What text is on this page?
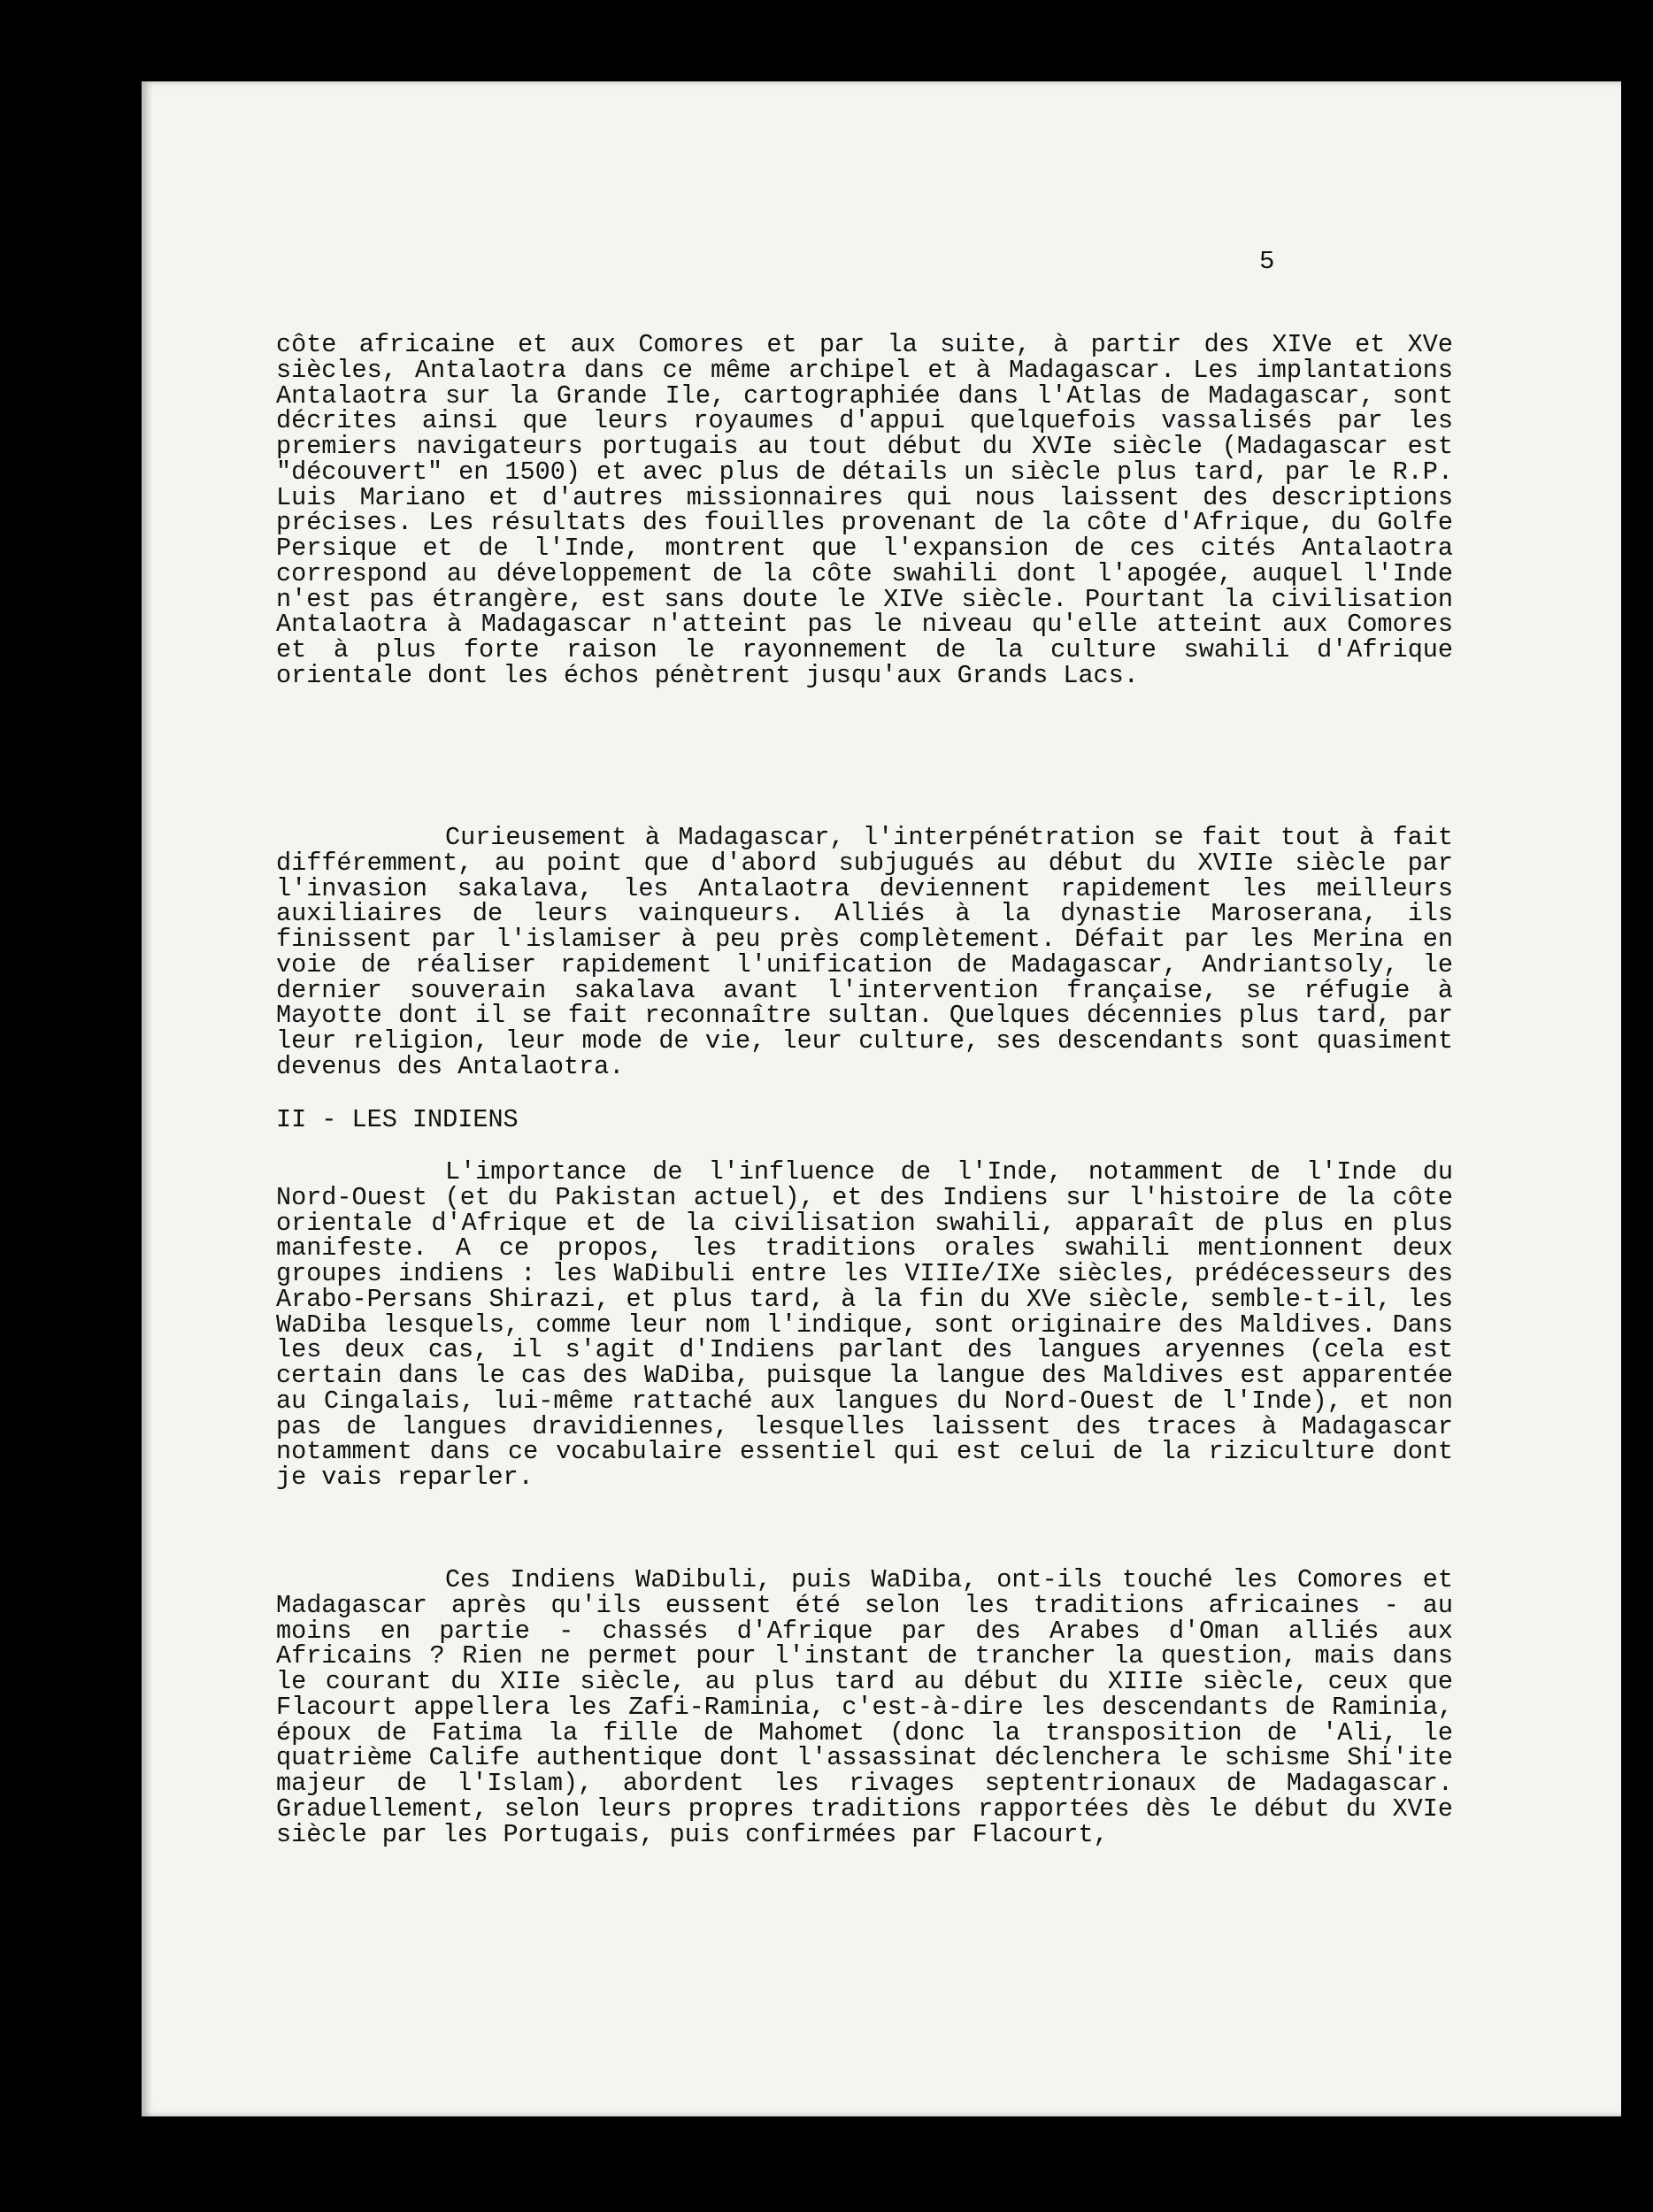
5

côte africaine et aux Comores et par la suite, à partir des XIVe et XVe siècles, Antalaotra dans ce même archipel et à Madagascar. Les implantations Antalaotra sur la Grande Ile, cartographiée dans l'Atlas de Madagascar, sont décrites ainsi que leurs royaumes d'appui quelquefois vassalisés par les premiers navigateurs portugais au tout début du XVIe siècle (Madagascar est "découvert" en 1500) et avec plus de détails un siècle plus tard, par le R.P. Luis Mariano et d'autres missionnaires qui nous laissent des descriptions précises. Les résultats des fouilles provenant de la côte d'Afrique, du Golfe Persique et de l'Inde, montrent que l'expansion de ces cités Antalaotra correspond au développement de la côte swahili dont l'apogée, auquel l'Inde n'est pas étrangère, est sans doute le XIVe siècle. Pourtant la civilisation Antalaotra à Madagascar n'atteint pas le niveau qu'elle atteint aux Comores et à plus forte raison le rayonnement de la culture swahili d'Afrique orientale dont les échos pénètrent jusqu'aux Grands Lacs.

Curieusement à Madagascar, l'interpénétration se fait tout à fait différemment, au point que d'abord subjugués au début du XVIIe siècle par l'invasion sakalava, les Antalaotra deviennent rapidement les meilleurs auxiliaires de leurs vainqueurs. Alliés à la dynastie Maroserana, ils finissent par l'islamiser à peu près complètement. Défait par les Merina en voie de réaliser rapidement l'unification de Madagascar, Andriantsoly, le dernier souverain sakalava avant l'intervention française, se réfugie à Mayotte dont il se fait reconnaître sultan. Quelques décennies plus tard, par leur religion, leur mode de vie, leur culture, ses descendants sont quasiment devenus des Antalaotra.

II - LES INDIENS

L'importance de l'influence de l'Inde, notamment de l'Inde du Nord-Ouest (et du Pakistan actuel), et des Indiens sur l'histoire de la côte orientale d'Afrique et de la civilisation swahili, apparaît de plus en plus manifeste. A ce propos, les traditions orales swahili mentionnent deux groupes indiens : les WaDibuli entre les VIIIe/IXe siècles, prédécesseurs des Arabo-Persans Shirazi, et plus tard, à la fin du XVe siècle, semble-t-il, les WaDiba lesquels, comme leur nom l'indique, sont originaire des Maldives. Dans les deux cas, il s'agit d'Indiens parlant des langues aryennes (cela est certain dans le cas des WaDiba, puisque la langue des Maldives est apparentée au Cingalais, lui-même rattaché aux langues du Nord-Ouest de l'Inde), et non pas de langues dravidiennes, lesquelles laissent des traces à Madagascar notamment dans ce vocabulaire essentiel qui est celui de la riziculture dont je vais reparler.

Ces Indiens WaDibuli, puis WaDiba, ont-ils touché les Comores et Madagascar après qu'ils eussent été selon les traditions africaines - au moins en partie - chassés d'Afrique par des Arabes d'Oman alliés aux Africains ? Rien ne permet pour l'instant de trancher la question, mais dans le courant du XIIe siècle, au plus tard au début du XIIIe siècle, ceux que Flacourt appellera les Zafi-Raminia, c'est-à-dire les descendants de Raminia, époux de Fatima la fille de Mahomet (donc la transposition de 'Ali, le quatrième Calife authentique dont l'assassinat déclenchera le schisme Shi'ite majeur de l'Islam), abordent les rivages septentrionaux de Madagascar. Graduellement, selon leurs propres traditions rapportées dès le début du XVIe siècle par les Portugais, puis confirmées par Flacourt,
